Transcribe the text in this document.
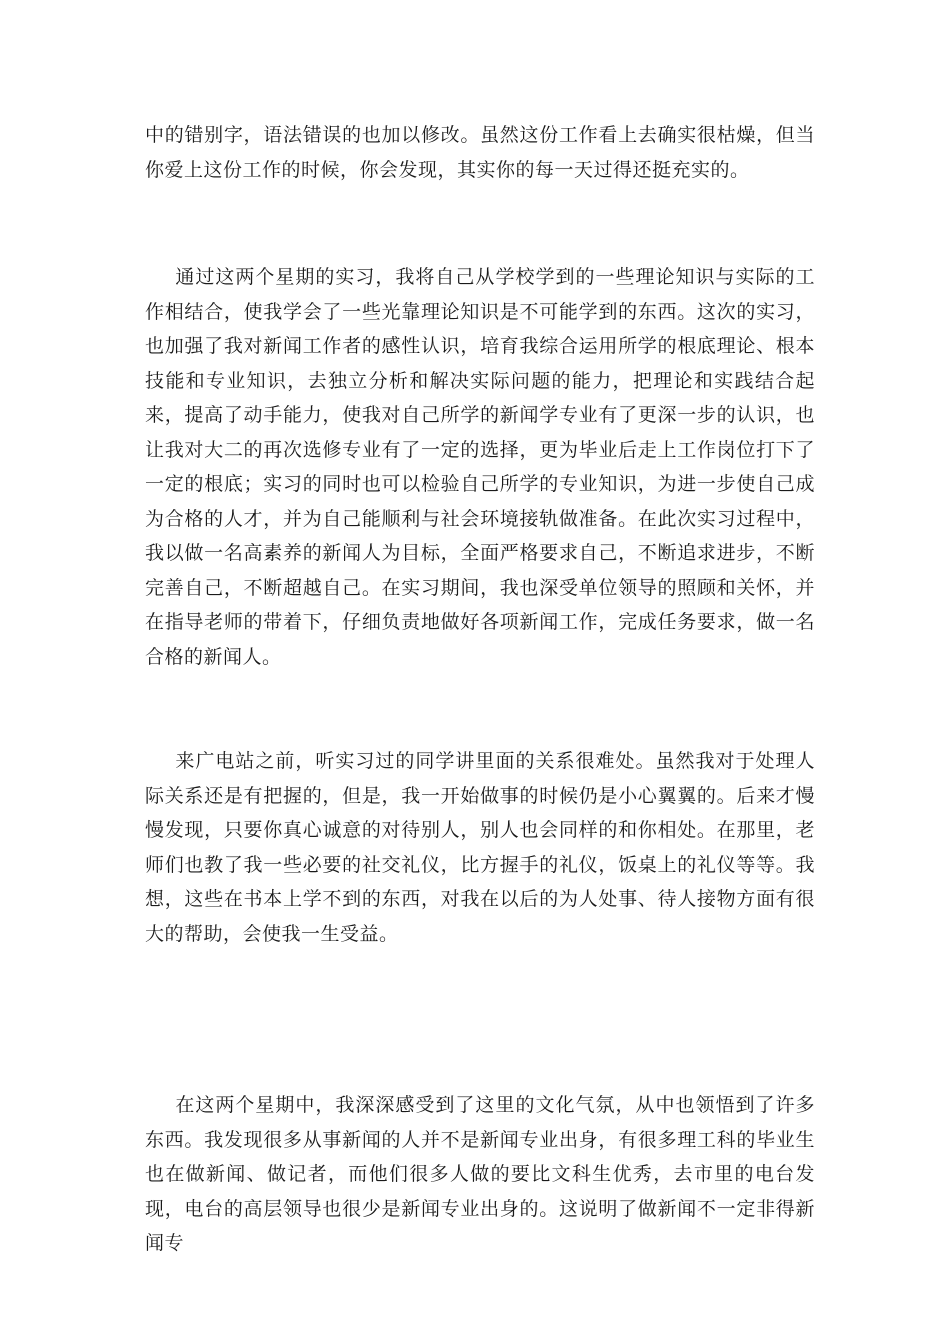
中的错别字，语法错误的也加以修改。虽然这份工作看上去确实很枯燥，但当你爱上这份工作的时候，你会发现，其实你的每一天过得还挺充实的。

通过这两个星期的实习，我将自己从学校学到的一些理论知识与实际的工作相结合，使我学会了一些光靠理论知识是不可能学到的东西。这次的实习，也加强了我对新闻工作者的感性认识，培育我综合运用所学的根底理论、根本技能和专业知识，去独立分析和解决实际问题的能力，把理论和实践结合起来，提高了动手能力，使我对自己所学的新闻学专业有了更深一步的认识，也让我对大二的再次选修专业有了一定的选择，更为毕业后走上工作岗位打下了一定的根底；实习的同时也可以检验自己所学的专业知识，为进一步使自己成为合格的人才，并为自己能顺利与社会环境接轨做准备。在此次实习过程中，我以做一名高素养的新闻人为目标，全面严格要求自己，不断追求进步，不断完善自己，不断超越自己。在实习期间，我也深受单位领导的照顾和关怀，并在指导老师的带着下，仔细负责地做好各项新闻工作，完成任务要求，做一名合格的新闻人。

来广电站之前，听实习过的同学讲里面的关系很难处。虽然我对于处理人际关系还是有把握的，但是，我一开始做事的时候仍是小心翼翼的。后来才慢慢发现，只要你真心诚意的对待别人，别人也会同样的和你相处。在那里，老师们也教了我一些必要的社交礼仪，比方握手的礼仪，饭桌上的礼仪等等。我想，这些在书本上学不到的东西，对我在以后的为人处事、待人接物方面有很大的帮助，会使我一生受益。

在这两个星期中，我深深感受到了这里的文化气氛，从中也领悟到了许多东西。我发现很多从事新闻的人并不是新闻专业出身，有很多理工科的毕业生也在做新闻、做记者，而他们很多人做的要比文科生优秀，去市里的电台发现，电台的高层领导也很少是新闻专业出身的。这说明了做新闻不一定非得新闻专
